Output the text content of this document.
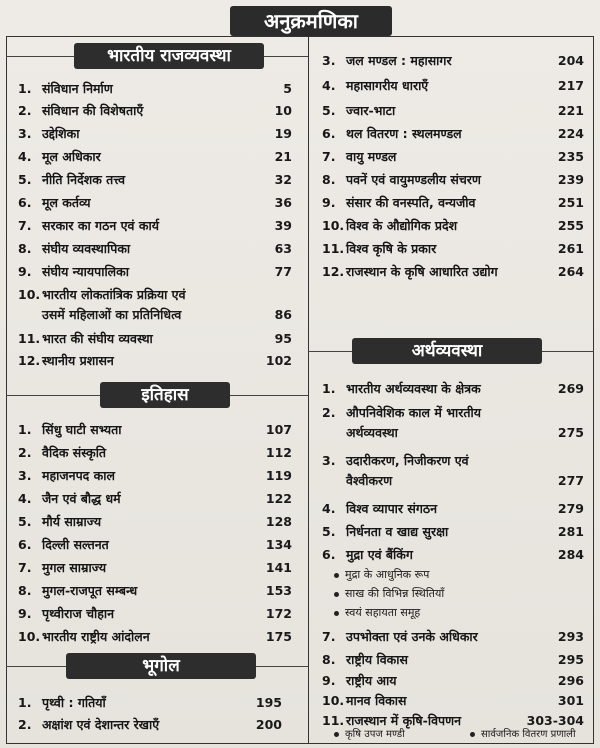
अनुक्रमणिका
भारतीय राजव्यवस्था
1. संविधान निर्माण	5
2. संविधान की विशेषताएँ	10
3. उद्देशिका	19
4. मूल अधिकार	21
5. नीति निर्देशक तत्त्व	32
6. मूल कर्तव्य	36
7. सरकार का गठन एवं कार्य	39
8. संघीय व्यवस्थापिका	63
9. संघीय न्यायपालिका	77
10. भारतीय लोकतांत्रिक प्रक्रिया एवं
उसमें महिलाओं का प्रतिनिधित्व	86
11. भारत की संघीय व्यवस्था	95
12. स्थानीय प्रशासन	102
इतिहास
1. सिंधु घाटी सभ्यता	107
2. वैदिक संस्कृति	112
3. महाजनपद काल	119
4. जैन एवं बौद्ध धर्म	122
5. मौर्य साम्राज्य	128
6. दिल्ली सल्तनत	134
7. मुगल साम्राज्य	141
8. मुगल-राजपूत सम्बन्ध	153
9. पृथ्वीराज चौहान	172
10. भारतीय राष्ट्रीय आंदोलन	175
भूगोल
1. पृथ्वी : गतियाँ	195
2. अक्षांश एवं देशान्तर रेखाएँ	200
3. जल मण्डल : महासागर	204
4. महासागरीय धाराएँ	217
5. ज्वार-भाटा	221
6. थल वितरण : स्थलमण्डल	224
7. वायु मण्डल	235
8. पवनें एवं वायुमण्डलीय संचरण	239
9. संसार की वनस्पति, वन्यजीव	251
10. विश्व के औद्योगिक प्रदेश	255
11. विश्व कृषि के प्रकार	261
12. राजस्थान के कृषि आधारित उद्योग	264
अर्थव्यवस्था
1. भारतीय अर्थव्यवस्था के क्षेत्रक	269
2. औपनिवेशिक काल में भारतीय
अर्थव्यवस्था	275
3. उदारीकरण, निजीकरण एवं
वैश्वीकरण	277
4. विश्व व्यापार संगठन	279
5. निर्धनता व खाद्य सुरक्षा	281
6. मुद्रा एवं बैंकिंग	284
मुद्रा के आधुनिक रूप
साख की विभिन्न स्थितियाँ
स्वयं सहायता समूह
7. उपभोक्ता एवं उनके अधिकार	293
8. राष्ट्रीय विकास	295
9. राष्ट्रीय आय	296
10. मानव विकास	301
11. राजस्थान में कृषि-विपणन	303-304
कृषि उपज मण्डी	सार्वजनिक वितरण प्रणाली
